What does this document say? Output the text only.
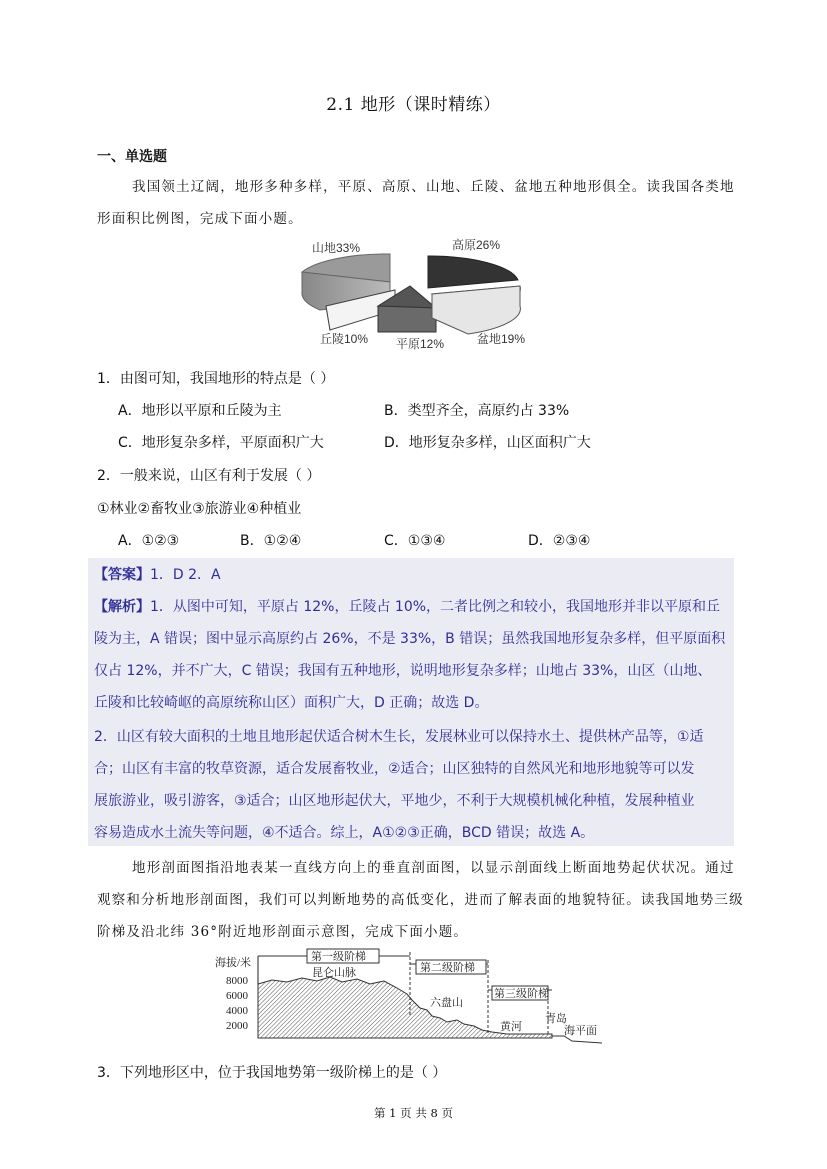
2.1 地形（课时精练）
一、单选题
我国领土辽阔，地形多种多样，平原、高原、山地、丘陵、盆地五种地形俱全。读我国各类地
形面积比例图，完成下面小题。
山地33%	高原26%
盆地19%
平原12%
丘陵10%
1．由图可知，我国地形的特点是（ ）
A．地形以平原和丘陵为主	B．类型齐全，高原约占 33%
C．地形复杂多样，平原面积广大	D．地形复杂多样，山区面积广大
2．一般来说，山区有利于发展（ ）
①林业②畜牧业③旅游业④种植业
A．①②③	B．①②④	C．①③④	D．②③④
【答案】1．D 2．A
【解析】1．从图中可知，平原占 12%，丘陵占 10%，二者比例之和较小，我国地形并非以平原和丘
陵为主，A 错误；图中显示高原约占 26%，不是 33%，B 错误；虽然我国地形复杂多样，但平原面积
仅占 12%，并不广大，C 错误；我国有五种地形，说明地形复杂多样；山地占 33%，山区（山地、
丘陵和比较崎岖的高原统称山区）面积广大，D 正确；故选 D。
2．山区有较大面积的土地且地形起伏适合树木生长，发展林业可以保持水土、提供林产品等，①适
合；山区有丰富的牧草资源，适合发展畜牧业，②适合；山区独特的自然风光和地形地貌等可以发
展旅游业，吸引游客，③适合；山区地形起伏大，平地少，不利于大规模机械化种植，发展种植业
容易造成水土流失等问题，④不适合。综上，A①②③正确，BCD 错误；故选 A。
地形剖面图指沿地表某一直线方向上的垂直剖面图，以显示剖面线上断面地势起伏状况。通过
观察和分析地形剖面图，我们可以判断地势的高低变化，进而了解表面的地貌特征。读我国地势三级
阶梯及沿北纬 36°附近地形剖面示意图，完成下面小题。
海拔/米
8000
6000
4000
2000
第一级阶梯
第二级阶梯
第三级阶梯
昆仑山脉
六盘山
黄河
青岛
海平面
3．下列地形区中，位于我国地势第一级阶梯上的是（ ）
第 1 页 共 8 页
